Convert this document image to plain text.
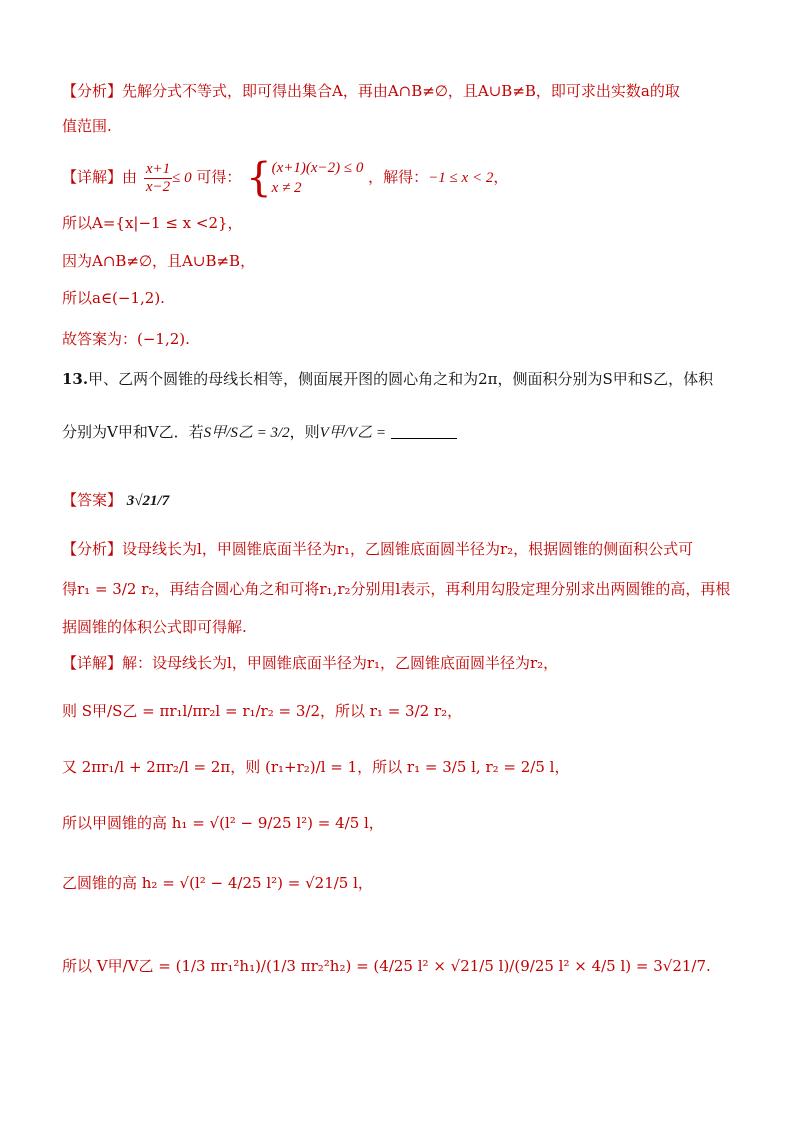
【分析】先解分式不等式，即可得出集合A，再由A∩B≠∅，且A∪B≠B，即可求出实数a的取
值范围.
【详解】由 $\frac{x+1}{x-2} \le 0$ 可得： { (x+1)(x−2) ≤ 0
x ≠ 2
，解得：−1 ≤ x < 2，
所以A={x|−1 ≤ x <2}，
因为A∩B≠∅，且A∪B≠B，
所以a∈(−1,2).
故答案为：(−1,2).
13.甲、乙两个圆锥的母线长相等，侧面展开图的圆心角之和为2π，侧面积分别为S甲和S乙，体积
分别为V甲和V乙．若S甲/S乙 = 3/2，则V甲/V乙 =
【答案】 3√21/7
【分析】设母线长为l，甲圆锥底面半径为r₁，乙圆锥底面圆半径为r₂，根据圆锥的侧面积公式可
得r₁ = 3/2 r₂，再结合圆心角之和可将r₁,r₂分别用l表示，再利用勾股定理分别求出两圆锥的高，再根
据圆锥的体积公式即可得解.
【详解】解：设母线长为l，甲圆锥底面半径为r₁，乙圆锥底面圆半径为r₂，
则 S甲/S乙 = πr₁l/πr₂l = r₁/r₂ = 3/2，所以 r₁ = 3/2 r₂，
又 2πr₁/l + 2πr₂/l = 2π，则 (r₁+r₂)/l = 1，所以 r₁ = 3/5 l, r₂ = 2/5 l，
所以甲圆锥的高 h₁ = √(l² − 9/25 l²) = 4/5 l，
乙圆锥的高 h₂ = √(l² − 4/25 l²) = √21/5 l，
所以 V甲/V乙 = (1/3 πr₁²h₁)/(1/3 πr₂²h₂) = (4/25 l² × √21/5 l)/(9/25 l² × 4/5 l) = 3√21/7.
